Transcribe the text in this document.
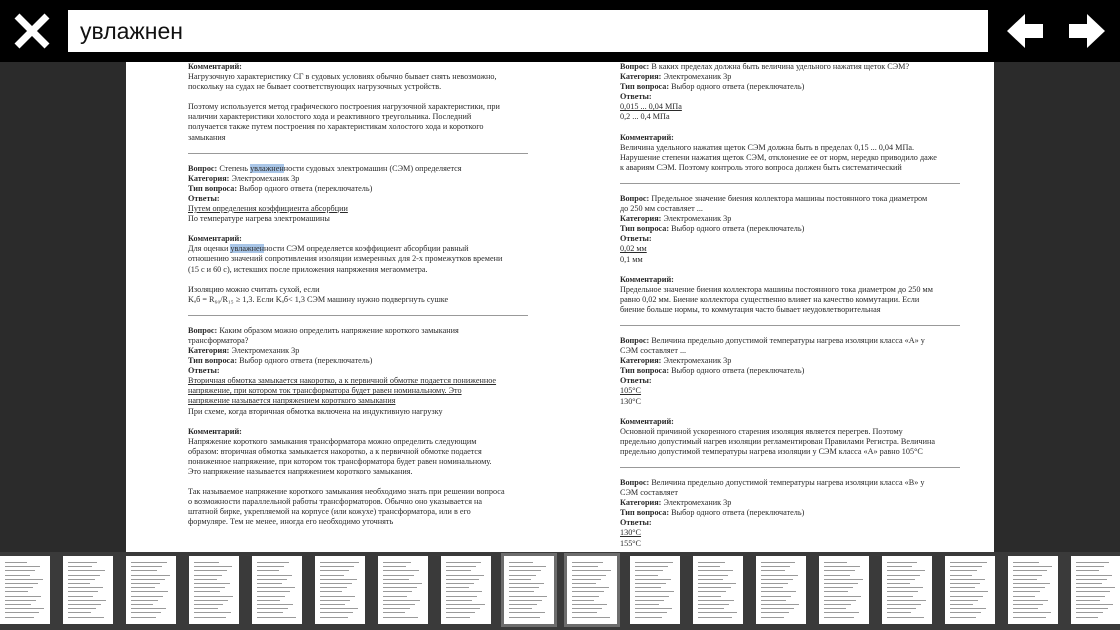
увлажнен

Комментарий:

Нагрузочную характеристику СГ в судовых условиях обычно бывает снять невозможно,

поскольку на судах не бывает соответствующих нагрузочных устройств.

Поэтому используется метод графического построения нагрузочной характеристики, при

наличии характеристики холостого хода и реактивного треугольника. Последний

получается также путем построения по характеристикам холостого хода и короткого

замыкания

Вопрос: Степень увлажненности судовых электромашин (СЭМ) определяется

Категория: Электромеханик 3р

Тип вопроса: Выбор одного ответа (переключатель)

Ответы:

Путем определения коэффициента абсорбции

По температуре нагрева электромашины

Комментарий:

Для оценки увлажненности СЭМ определяется коэффициент абсорбции равный

отношению значений сопротивления изоляции измеренных для 2-х промежутков времени

(15 с и 60 с), истекших после приложения напряжения мегаомметра.

Изоляцию можно считать сухой, если

Kₐб = R₆₀/R₁₅ ≥ 1,3. Если Kₐб< 1,3 СЭМ машину нужно подвергнуть сушке

Вопрос: Каким образом можно определить напряжение короткого замыкания

трансформатора?

Категория: Электромеханик 3р

Тип вопроса: Выбор одного ответа (переключатель)

Ответы:

Вторичная обмотка замыкается накоротко, а к первичной обмотке подается пониженное

напряжение, при котором ток трансформатора будет равен номинальному. Это

напряжение называется напряжением короткого замыкания

При схеме, когда вторичная обмотка включена на индуктивную нагрузку

Комментарий:

Напряжение короткого замыкания трансформатора можно определить следующим

образом: вторичная обмотка замыкается накоротко, а к первичной обмотке подается

пониженное напряжение, при котором ток трансформатора будет равен номинальному.

Это напряжение называется напряжением короткого замыкания.

Так называемое напряжение короткого замыкания необходимо знать при решении вопроса

о возможности параллельной работы трансформаторов. Обычно оно указывается на

штатной бирке, укрепляемой на корпусе (или кожухе) трансформатора, или в его

формуляре. Тем не менее, иногда его необходимо уточнять

Вопрос: В каких пределах должна быть величина удельного нажатия щеток СЭМ?

Категория: Электромеханик 3р

Тип вопроса: Выбор одного ответа (переключатель)

Ответы:

0,015 ... 0,04 МПа

0,2 ... 0,4 МПа

Комментарий:

Величина удельного нажатия щеток СЭМ должна быть в пределах 0,15 ... 0,04 МПа.

Нарушение степени нажатия щеток СЭМ, отклонение ее от норм, нередко приводило даже

к авариям СЭМ. Поэтому контроль этого вопроса должен быть систематический

Вопрос: Предельное значение биения коллектора машины постоянного тока диаметром

до 250 мм составляет ...

Категория: Электромеханик 3р

Тип вопроса: Выбор одного ответа (переключатель)

Ответы:

0,02 мм

0,1 мм

Комментарий:

Предельное значение биения коллектора машины постоянного тока диаметром до 250 мм

равно 0,02 мм. Биение коллектора существенно влияет на качество коммутации. Если

биение больше нормы, то коммутация часто бывает неудовлетворительная

Вопрос: Величина предельно допустимой температуры нагрева изоляции класса «А» у

СЭМ составляет ...

Категория: Электромеханик 3р

Тип вопроса: Выбор одного ответа (переключатель)

Ответы:

105°С

130°С

Комментарий:

Основной причиной ускоренного старения изоляция является перегрев. Поэтому

предельно допустимый нагрев изоляции регламентирован Правилами Регистра. Величина

предельно допустимой температуры нагрева изоляции у СЭМ класса «А» равно 105°С

Вопрос: Величина предельно допустимой температуры нагрева изоляции класса «В» у

СЭМ составляет

Категория: Электромеханик 3р

Тип вопроса: Выбор одного ответа (переключатель)

Ответы:

130°С

155°С
